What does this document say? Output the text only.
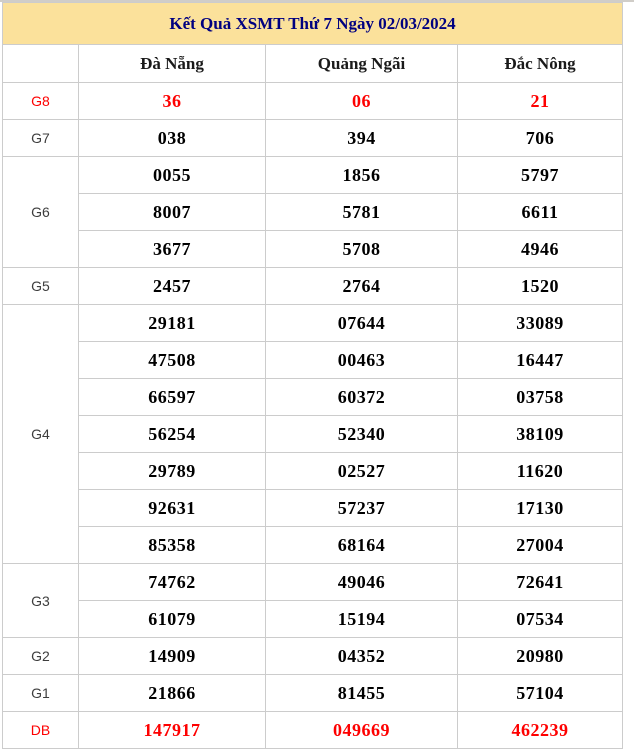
Kết Quả XSMT Thứ 7 Ngày 02/03/2024			
	Đà Nẵng	Quảng Ngãi	Đắc Nông
G8	36	06	21
G7	038	394	706
G6	0055	1856	5797
	8007	5781	6611
	3677	5708	4946
G5	2457	2764	1520
G4	29181	07644	33089
	47508	00463	16447
	66597	60372	03758
	56254	52340	38109
	29789	02527	11620
	92631	57237	17130
	85358	68164	27004
G3	74762	49046	72641
	61079	15194	07534
G2	14909	04352	20980
G1	21866	81455	57104
DB	147917	049669	462239
